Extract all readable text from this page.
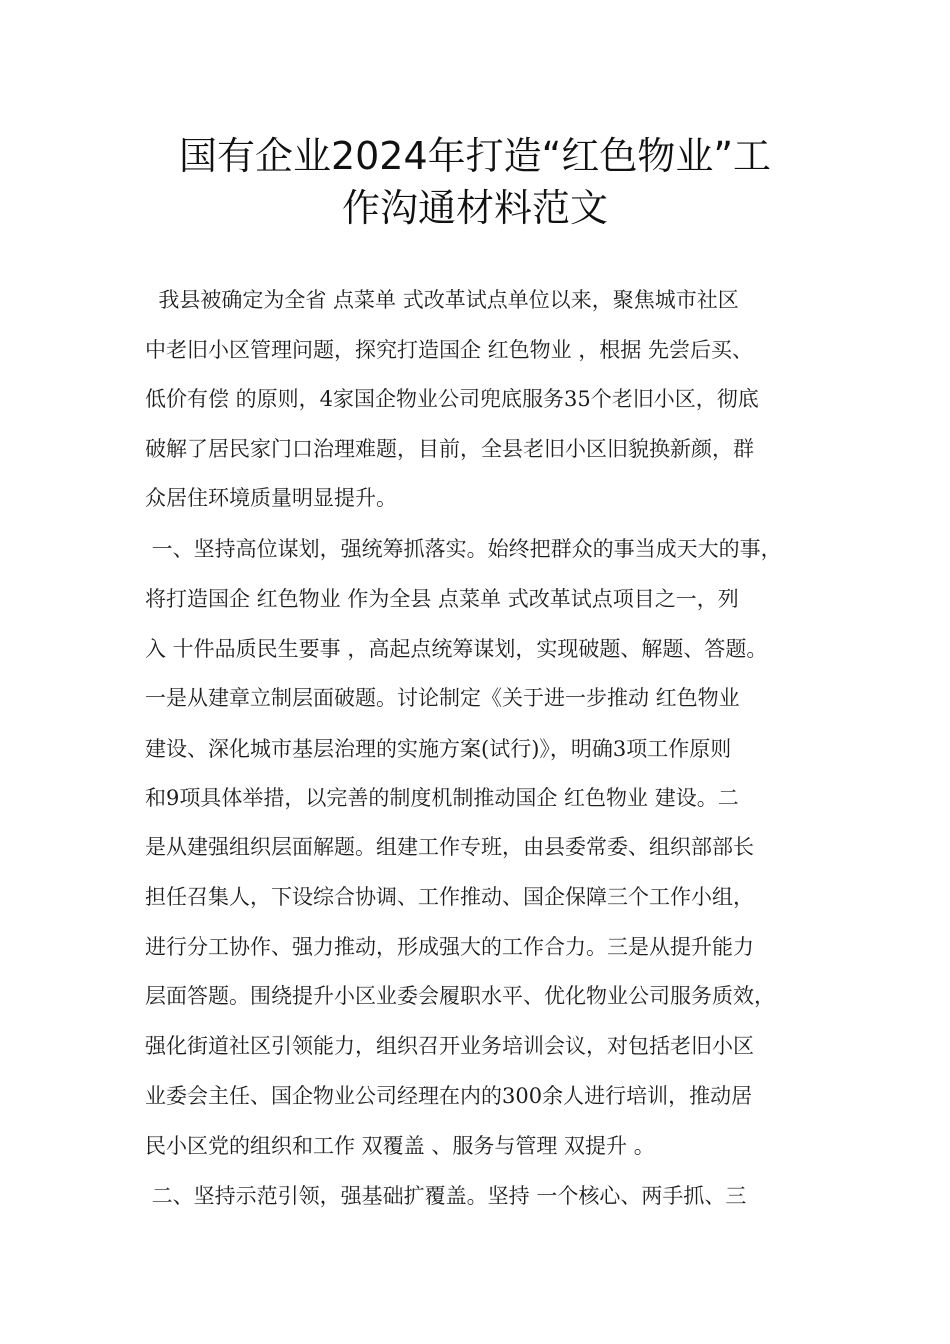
国有企业2024年打造“红色物业”工
作沟通材料范文
我县被确定为全省 点菜单 式改革试点单位以来，聚焦城市社区
中老旧小区管理问题，探究打造国企 红色物业 ，根据 先尝后买、
低价有偿 的原则，4家国企物业公司兜底服务35个老旧小区，彻底
破解了居民家门口治理难题，目前，全县老旧小区旧貌换新颜，群
众居住环境质量明显提升。
一、坚持高位谋划，强统筹抓落实。始终把群众的事当成天大的事，
将打造国企 红色物业 作为全县 点菜单 式改革试点项目之一，列
入 十件品质民生要事 ，高起点统筹谋划，实现破题、解题、答题。
一是从建章立制层面破题。讨论制定《关于进一步推动 红色物业
建设、深化城市基层治理的实施方案(试行)》，明确3项工作原则
和9项具体举措，以完善的制度机制推动国企 红色物业 建设。二
是从建强组织层面解题。组建工作专班，由县委常委、组织部部长
担任召集人，下设综合协调、工作推动、国企保障三个工作小组，
进行分工协作、强力推动，形成强大的工作合力。三是从提升能力
层面答题。围绕提升小区业委会履职水平、优化物业公司服务质效，
强化街道社区引领能力，组织召开业务培训会议，对包括老旧小区
业委会主任、国企物业公司经理在内的300余人进行培训，推动居
民小区党的组织和工作 双覆盖 、服务与管理 双提升 。
二、坚持示范引领，强基础扩覆盖。坚持 一个核心、两手抓、三
